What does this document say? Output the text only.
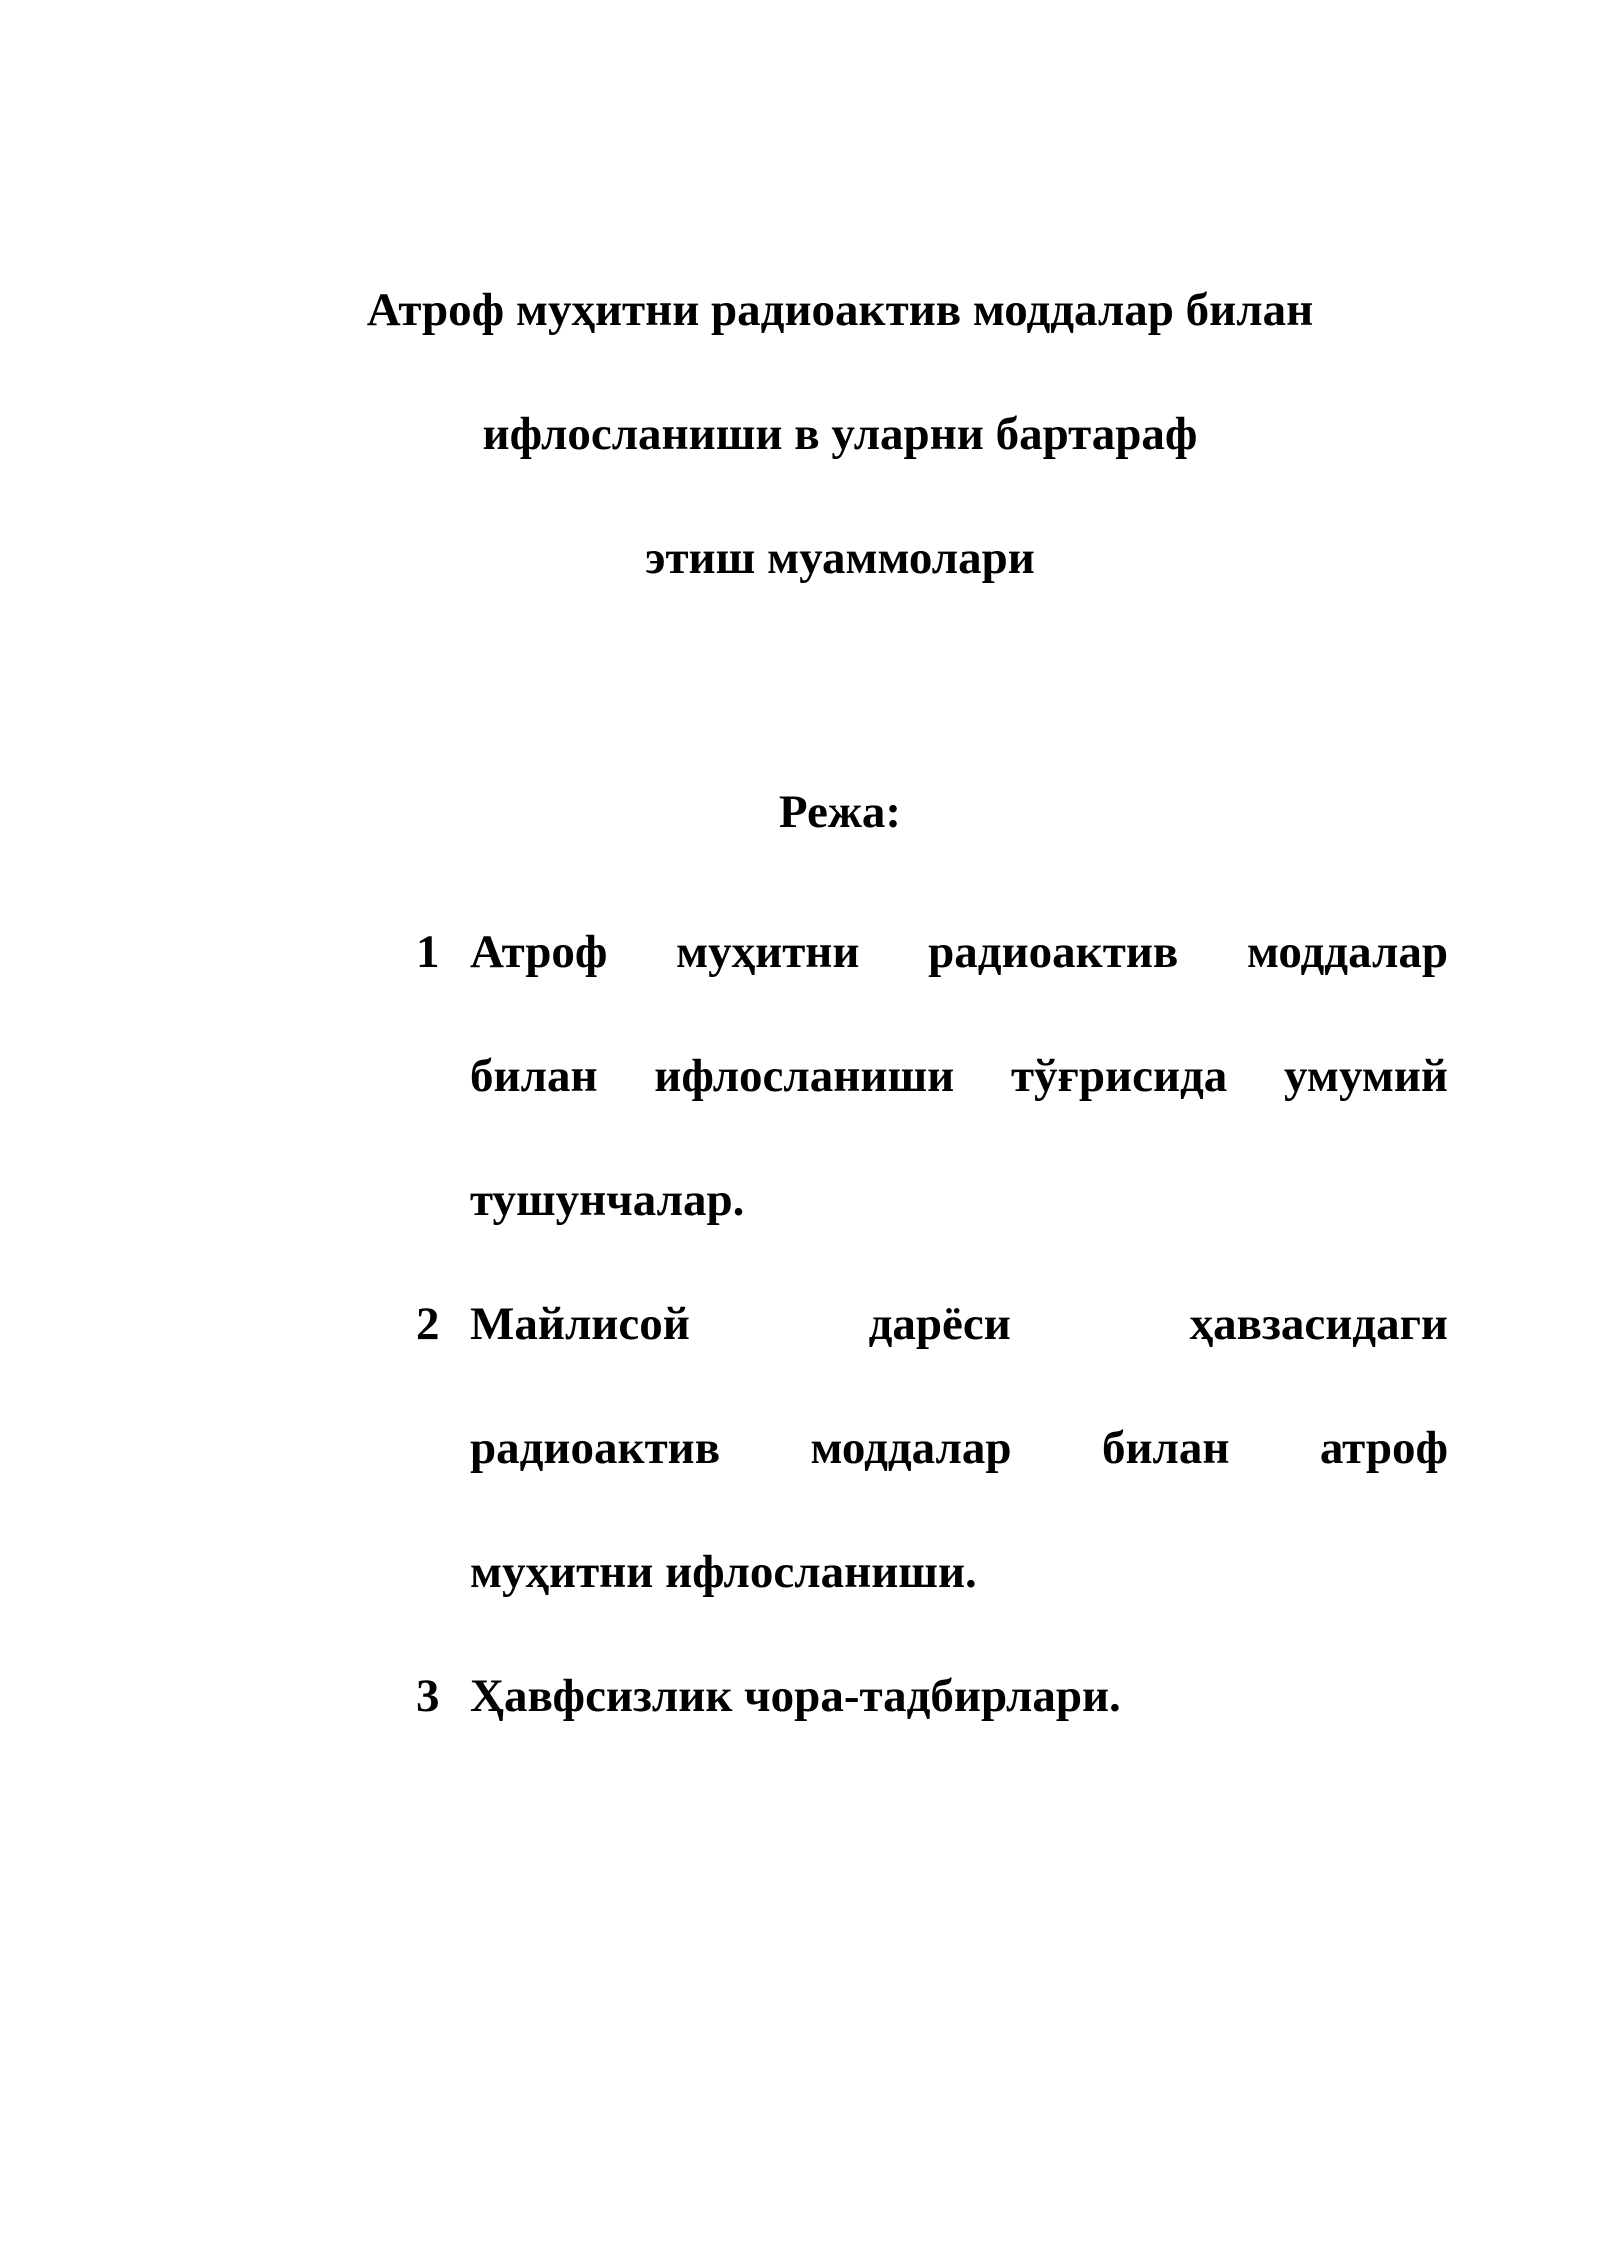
Атроф муҳитни радиоактив моддалар билан
ифлосланиши в уларни бартараф
этиш муаммолари
Режа:
1 Атроф муҳитни радиоактив моддалар
билан ифлосланиши тўғрисида умумий
тушунчалар.
2 Майлисой дарёси ҳавзасидаги
радиоактив моддалар билан атроф
муҳитни ифлосланиши.
3 Ҳавфсизлик чора-тадбирлари.
